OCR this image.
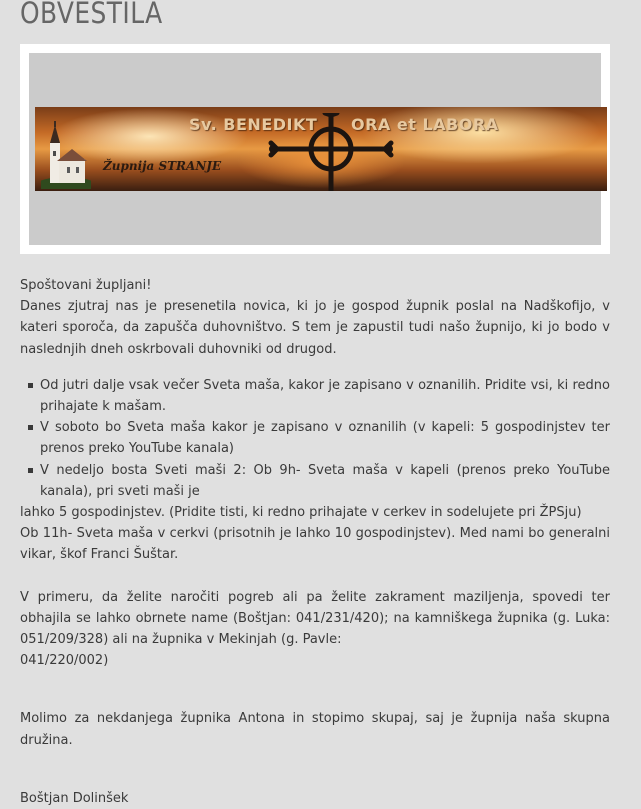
OBVESTILA
Sv. BENEDIKT ORA et LABORA
Župnija STRANJE

Spoštovani župljani!

Danes zjutraj nas je presenetila novica, ki jo je gospod župnik poslal na Nadškofijo, v kateri sporoča, da zapušča duhovništvo. S tem je zapustil tudi našo župnijo, ki jo bodo v naslednjih dneh oskrbovali duhovniki od drugod.

Od jutri dalje vsak večer Sveta maša, kakor je zapisano v oznanilih. Pridite vsi, ki redno prihajate k mašam.
V soboto bo Sveta maša kakor je zapisano v oznanilih (v kapeli: 5 gospodinjstev ter prenos preko YouTube kanala)
V nedeljo bosta Sveti maši 2: Ob 9h- Sveta maša v kapeli (prenos preko YouTube kanala), pri sveti maši je

lahko 5 gospodinjstev. (Pridite tisti, ki redno prihajate v cerkev in sodelujete pri ŽPSju)

Ob 11h- Sveta maša v cerkvi (prisotnih je lahko 10 gospodinjstev). Med nami bo generalni vikar, škof Franci Šuštar.

V primeru, da želite naročiti pogreb ali pa želite zakrament maziljenja, spovedi ter obhajila se lahko obrnete name (Boštjan: 041/231/420); na kamniškega župnika (g. Luka: 051/209/328) ali na župnika v Mekinjah (g. Pavle:

041/220/002)

Molimo za nekdanjega župnika Antona in stopimo skupaj, saj je župnija naša skupna družina.

Boštjan Dolinšek
